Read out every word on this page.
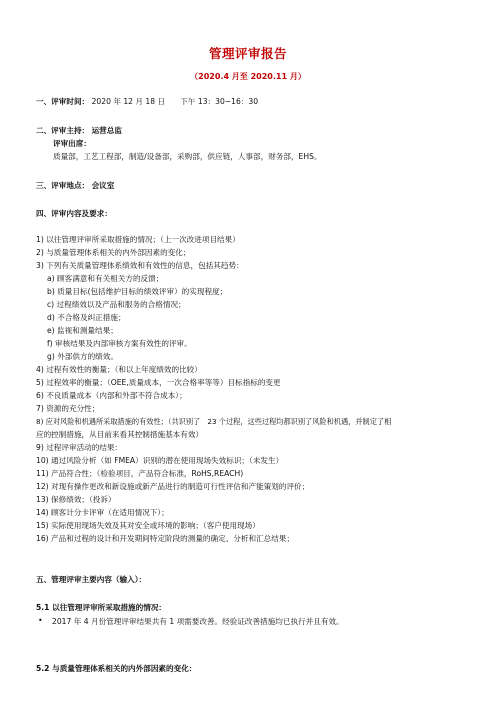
管理评审报告
（2020.4 月至 2020.11 月）
一、评审时间： 2020 年 12 月 18 日　　下午 13：30~16：30
二、评审主持： 运营总监
评审出席：
质量部，工艺工程部，制造/设备部，采购部，供应链，人事部，财务部，EHS。
三、评审地点： 会议室
四、评审内容及要求：
1) 以往管理评审所采取措施的情况；（上一次改进项目结果）
2) 与质量管理体系相关的内外部因素的变化；
3) 下列有关质量管理体系绩效和有效性的信息，包括其趋势：
a) 顾客满意和有关相关方的反馈；
b) 质量目标(包括维护目标的绩效评审）的实现程度；
c) 过程绩效以及产品和服务的合格情况；
d) 不合格及纠正措施；
e) 监视和测量结果；
f) 审核结果及内部审核方案有效性的评审。
g) 外部供方的绩效。
4) 过程有效性的衡量；（和以上年度绩效的比较）
5) 过程效率的衡量；（OEE,质量成本，一次合格率等等）目标指标的变更
6) 不良质量成本（内部和外部不符合成本）；
7) 资源的充分性；
8) 应对风险和机遇所采取措施的有效性；（共识别了　23 个过程，这些过程均都识别了风险和机遇，并制定了相
应的控制措施，从目前来看其控制措施基本有效）
9) 过程评审活动的结果：
10) 通过风险分析（如 FMEA）识别的潜在使用现场失效标识；（未发生）
11) 产品符合性；（检验项目，产品符合标准，RoHS,REACH)
12) 对现有操作更改和新设施或新产品进行的制造可行性评估和产能策划的评价；
13) 保修绩效；（投诉）
14) 顾客计分卡评审（在适用情况下）；
15) 实际使用现场失效及其对安全或环境的影响；（客户使用现场）
16) 产品和过程的设计和开发期间特定阶段的测量的确定、分析和汇总结果；
五、管理评审主要内容（输入）：
5.1 以往管理评审所采取措施的情况：
• 2017 年 4 月份管理评审结果共有 1 项需要改善。经验证改善措施均已执行并且有效。
5.2 与质量管理体系相关的内外部因素的变化：
